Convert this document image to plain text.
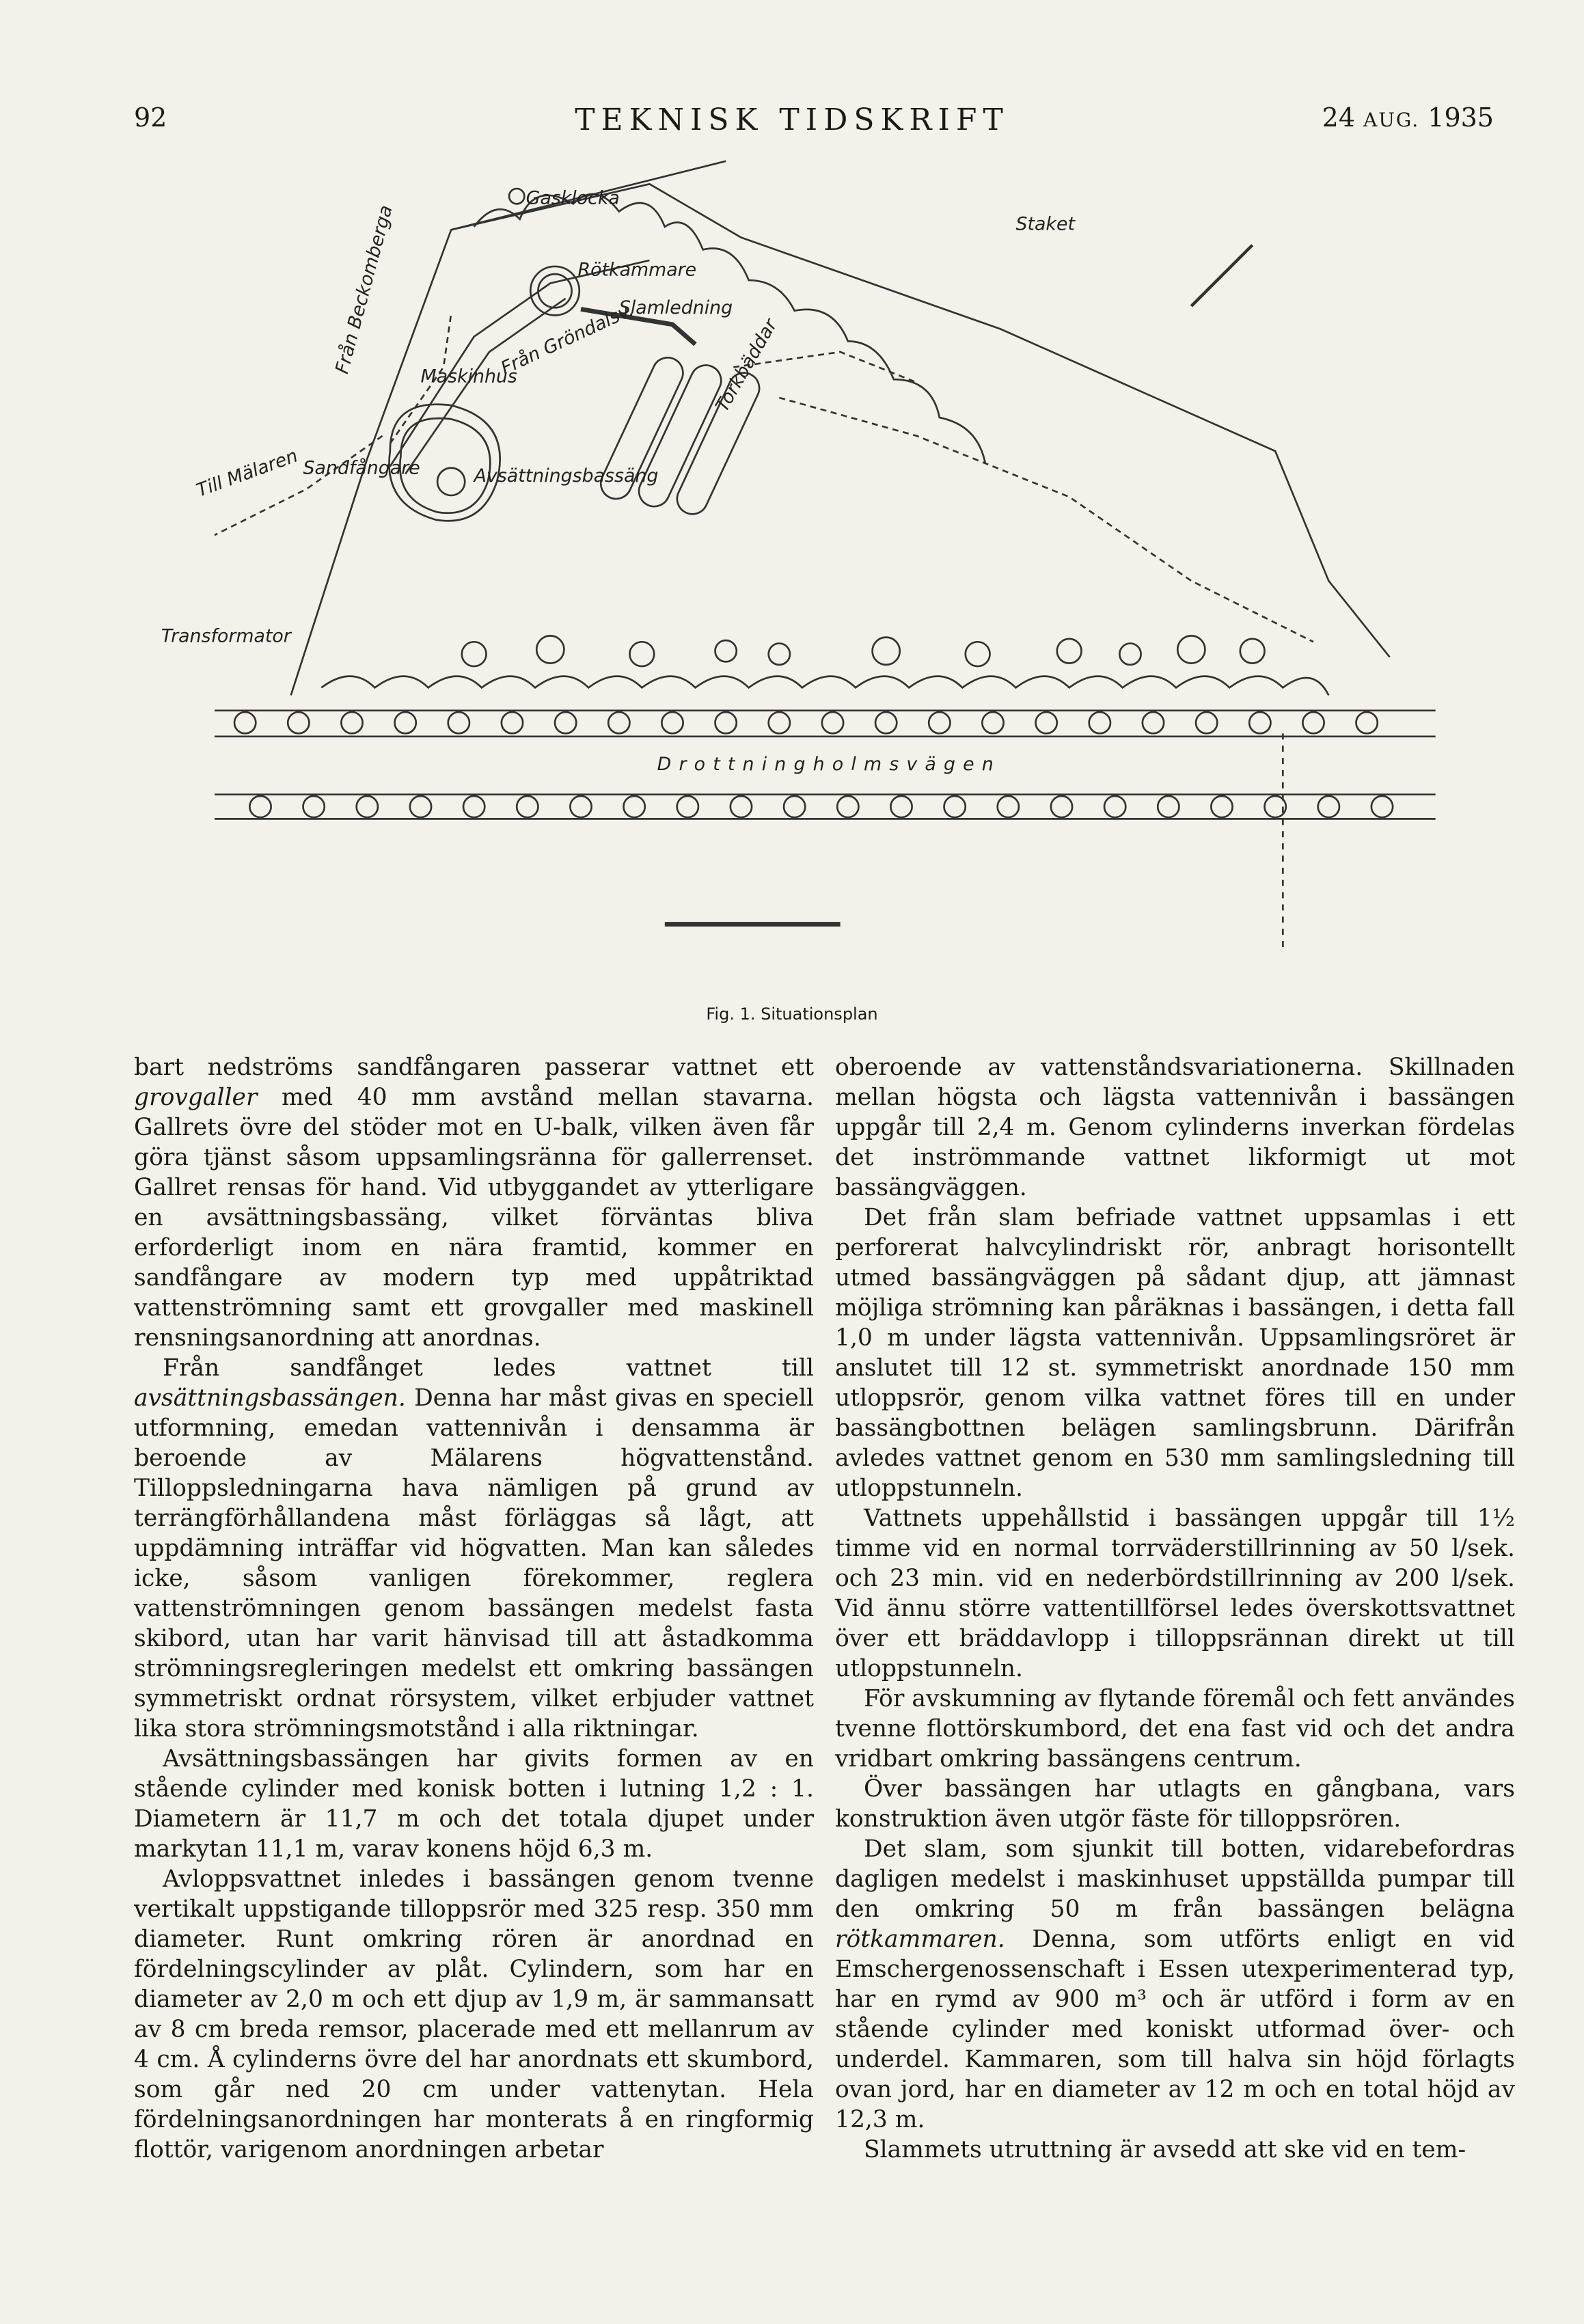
92	TEKNISK TIDSKRIFT	24 AUG. 1935
Gasklocka
Rötkammare
Slamledning
Från Gröndalsv.
Maskinhus
Från Beckomberga
Till Mälaren Sandfångare	Avsättningsbassäng
Torkbäddar
Transformator
Staket
Drottningholmsvägen
Fig. 1. Situationsplan

bart nedströms sandfångaren passerar vattnet ett grovgaller med 40 mm avstånd mellan stavarna. Gallrets övre del stöder mot en U-balk, vilken även får göra tjänst såsom uppsamlingsränna för gallerrenset. Gallret rensas för hand. Vid utbyggandet av ytterligare en avsättningsbassäng, vilket förväntas bliva erforderligt inom en nära framtid, kommer en sandfångare av modern typ med uppåtriktad vattenströmning samt ett grovgaller med maskinell rensningsanordning att anordnas.

Från sandfånget ledes vattnet till avsättningsbassängen. Denna har måst givas en speciell utformning, emedan vattennivån i densamma är beroende av Mälarens högvattenstånd. Tilloppsledningarna hava nämligen på grund av terrängförhållandena måst förläggas så lågt, att uppdämning inträffar vid högvatten. Man kan således icke, såsom vanligen förekommer, reglera vattenströmningen genom bassängen medelst fasta skibord, utan har varit hänvisad till att åstadkomma strömningsregleringen medelst ett omkring bassängen symmetriskt ordnat rörsystem, vilket erbjuder vattnet lika stora strömningsmotstånd i alla riktningar.

Avsättningsbassängen har givits formen av en stående cylinder med konisk botten i lutning 1,2 : 1. Diametern är 11,7 m och det totala djupet under markytan 11,1 m, varav konens höjd 6,3 m.

Avloppsvattnet inledes i bassängen genom tvenne vertikalt uppstigande tilloppsrör med 325 resp. 350 mm diameter. Runt omkring rören är anordnad en fördelningscylinder av plåt. Cylindern, som har en diameter av 2,0 m och ett djup av 1,9 m, är sammansatt av 8 cm breda remsor, placerade med ett mellanrum av 4 cm. Å cylinderns övre del har anordnats ett skumbord, som går ned 20 cm under vattenytan. Hela fördelningsanordningen har monterats å en ringformig flottör, varigenom anordningen arbetar

oberoende av vattenståndsvariationerna. Skillnaden mellan högsta och lägsta vattennivån i bassängen uppgår till 2,4 m. Genom cylinderns inverkan fördelas det inströmmande vattnet likformigt ut mot bassängväggen.

Det från slam befriade vattnet uppsamlas i ett perforerat halvcylindriskt rör, anbragt horisontellt utmed bassängväggen på sådant djup, att jämnast möjliga strömning kan påräknas i bassängen, i detta fall 1,0 m under lägsta vattennivån. Uppsamlingsröret är anslutet till 12 st. symmetriskt anordnade 150 mm utloppsrör, genom vilka vattnet föres till en under bassängbottnen belägen samlingsbrunn. Därifrån avledes vattnet genom en 530 mm samlingsledning till utloppstunneln.

Vattnets uppehållstid i bassängen uppgår till 1½ timme vid en normal torrväderstillrinning av 50 l/sek. och 23 min. vid en nederbördstillrinning av 200 l/sek. Vid ännu större vattentillförsel ledes överskottsvattnet över ett bräddavlopp i tilloppsrännan direkt ut till utloppstunneln.

För avskumning av flytande föremål och fett användes tvenne flottörskumbord, det ena fast vid och det andra vridbart omkring bassängens centrum.

Över bassängen har utlagts en gångbana, vars konstruktion även utgör fäste för tilloppsrören.

Det slam, som sjunkit till botten, vidarebefordras dagligen medelst i maskinhuset uppställda pumpar till den omkring 50 m från bassängen belägna rötkammaren. Denna, som utförts enligt en vid Emschergenossenschaft i Essen utexperimenterad typ, har en rymd av 900 m³ och är utförd i form av en stående cylinder med koniskt utformad över- och underdel. Kammaren, som till halva sin höjd förlagts ovan jord, har en diameter av 12 m och en total höjd av 12,3 m.

Slammets utruttning är avsedd att ske vid en tem-
